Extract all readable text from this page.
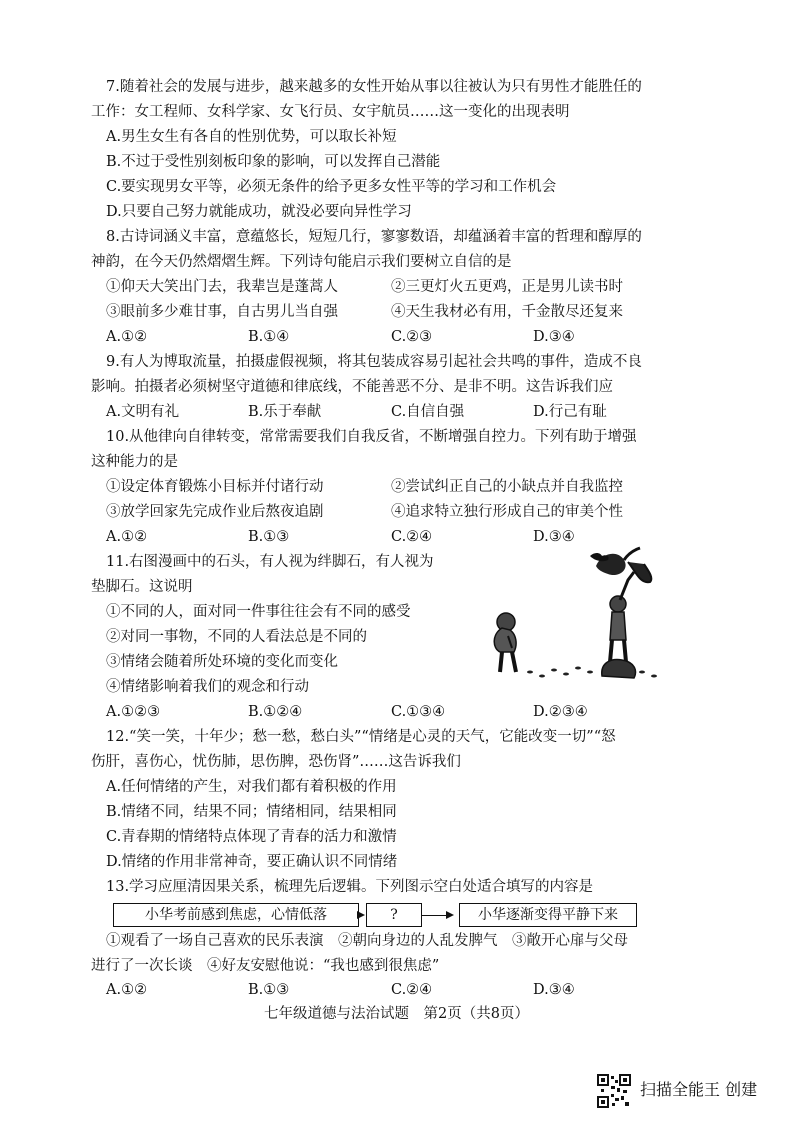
7.随着社会的发展与进步，越来越多的女性开始从事以往被认为只有男性才能胜任的
工作：女工程师、女科学家、女飞行员、女宇航员……这一变化的出现表明
A.男生女生有各自的性别优势，可以取长补短
B.不过于受性别刻板印象的影响，可以发挥自己潜能
C.要实现男女平等，必须无条件的给予更多女性平等的学习和工作机会
D.只要自己努力就能成功，就没必要向异性学习
8.古诗词涵义丰富，意蕴悠长，短短几行，寥寥数语，却蕴涵着丰富的哲理和醇厚的
神韵，在今天仍然熠熠生辉。下列诗句能启示我们要树立自信的是
①仰天大笑出门去，我辈岂是蓬蒿人	②三更灯火五更鸡，正是男儿读书时
③眼前多少难甘事，自古男儿当自强	④天生我材必有用，千金散尽还复来
A.①②	B.①④	C.②③	D.③④
9.有人为博取流量，拍摄虚假视频，将其包装成容易引起社会共鸣的事件，造成不良
影响。拍摄者必须树坚守道德和律底线，不能善恶不分、是非不明。这告诉我们应
A.文明有礼	B.乐于奉献	C.自信自强	D.行己有耻
10.从他律向自律转变，常常需要我们自我反省，不断增强自控力。下列有助于增强
这种能力的是
①设定体育锻炼小目标并付诸行动	②尝试纠正自己的小缺点并自我监控
③放学回家先完成作业后熬夜追剧	④追求特立独行形成自己的审美个性
A.①②	B.①③	C.②④	D.③④
11.右图漫画中的石头，有人视为绊脚石，有人视为
垫脚石。这说明
①不同的人，面对同一件事往往会有不同的感受
②对同一事物，不同的人看法总是不同的
③情绪会随着所处环境的变化而变化
④情绪影响着我们的观念和行动
A.①②③	B.①②④	C.①③④	D.②③④
12.“笑一笑，十年少；愁一愁，愁白头”“情绪是心灵的天气，它能改变一切”“怒
伤肝，喜伤心，忧伤肺，思伤脾，恐伤肾”……这告诉我们
A.任何情绪的产生，对我们都有着积极的作用
B.情绪不同，结果不同；情绪相同，结果相同
C.青春期的情绪特点体现了青春的活力和激情
D.情绪的作用非常神奇，要正确认识不同情绪
13.学习应厘清因果关系，梳理先后逻辑。下列图示空白处适合填写的内容是
小华考前感到焦虑，心情低落	?	小华逐渐变得平静下来
①观看了一场自己喜欢的民乐表演　②朝向身边的人乱发脾气　③敞开心扉与父母
进行了一次长谈　④好友安慰他说：“我也感到很焦虑”
七年级道德与法治试题　第2页（共8页）
A.①②	B.①③	C.②④	D.③④
扫描全能王 创建
